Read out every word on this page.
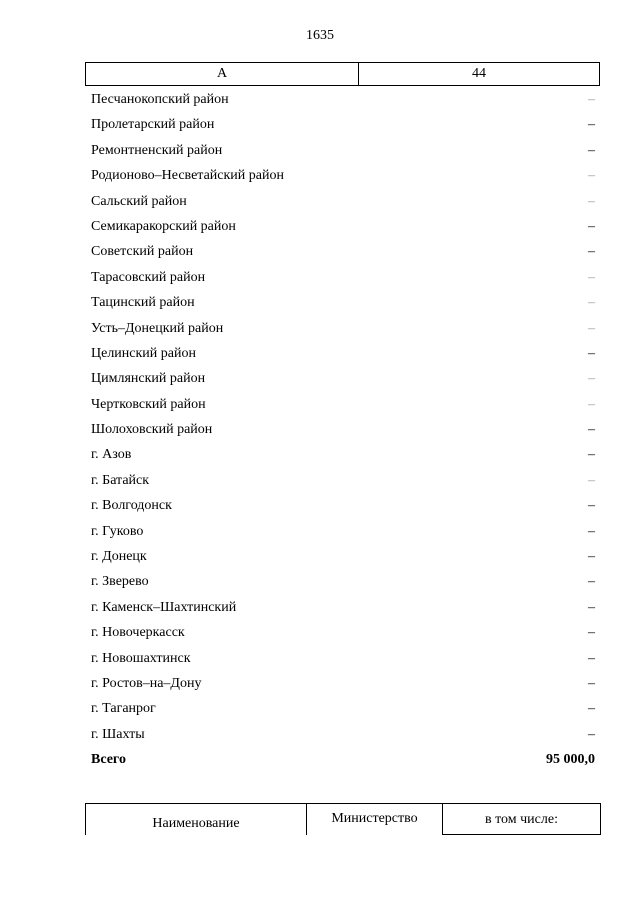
1635
А	44
Песчанокопский район	–
Пролетарский район	–
Ремонтненский район	–
Родионово–Несветайский район	–
Сальский район	–
Семикаракорский район	–
Советский район	–
Тарасовский район	–
Тацинский район	–
Усть–Донецкий район	–
Целинский район	–
Цимлянский район	–
Чертковский район	–
Шолоховский район	–
г. Азов	–
г. Батайск	–
г. Волгодонск	–
г. Гуково	–
г. Донецк	–
г. Зверево	–
г. Каменск–Шахтинский	–
г. Новочеркасск	–
г. Новошахтинск	–
г. Ростов–на–Дону	–
г. Таганрог	–
г. Шахты	–
Всего	95 000,0
Наименование	Министерство	в том числе:
